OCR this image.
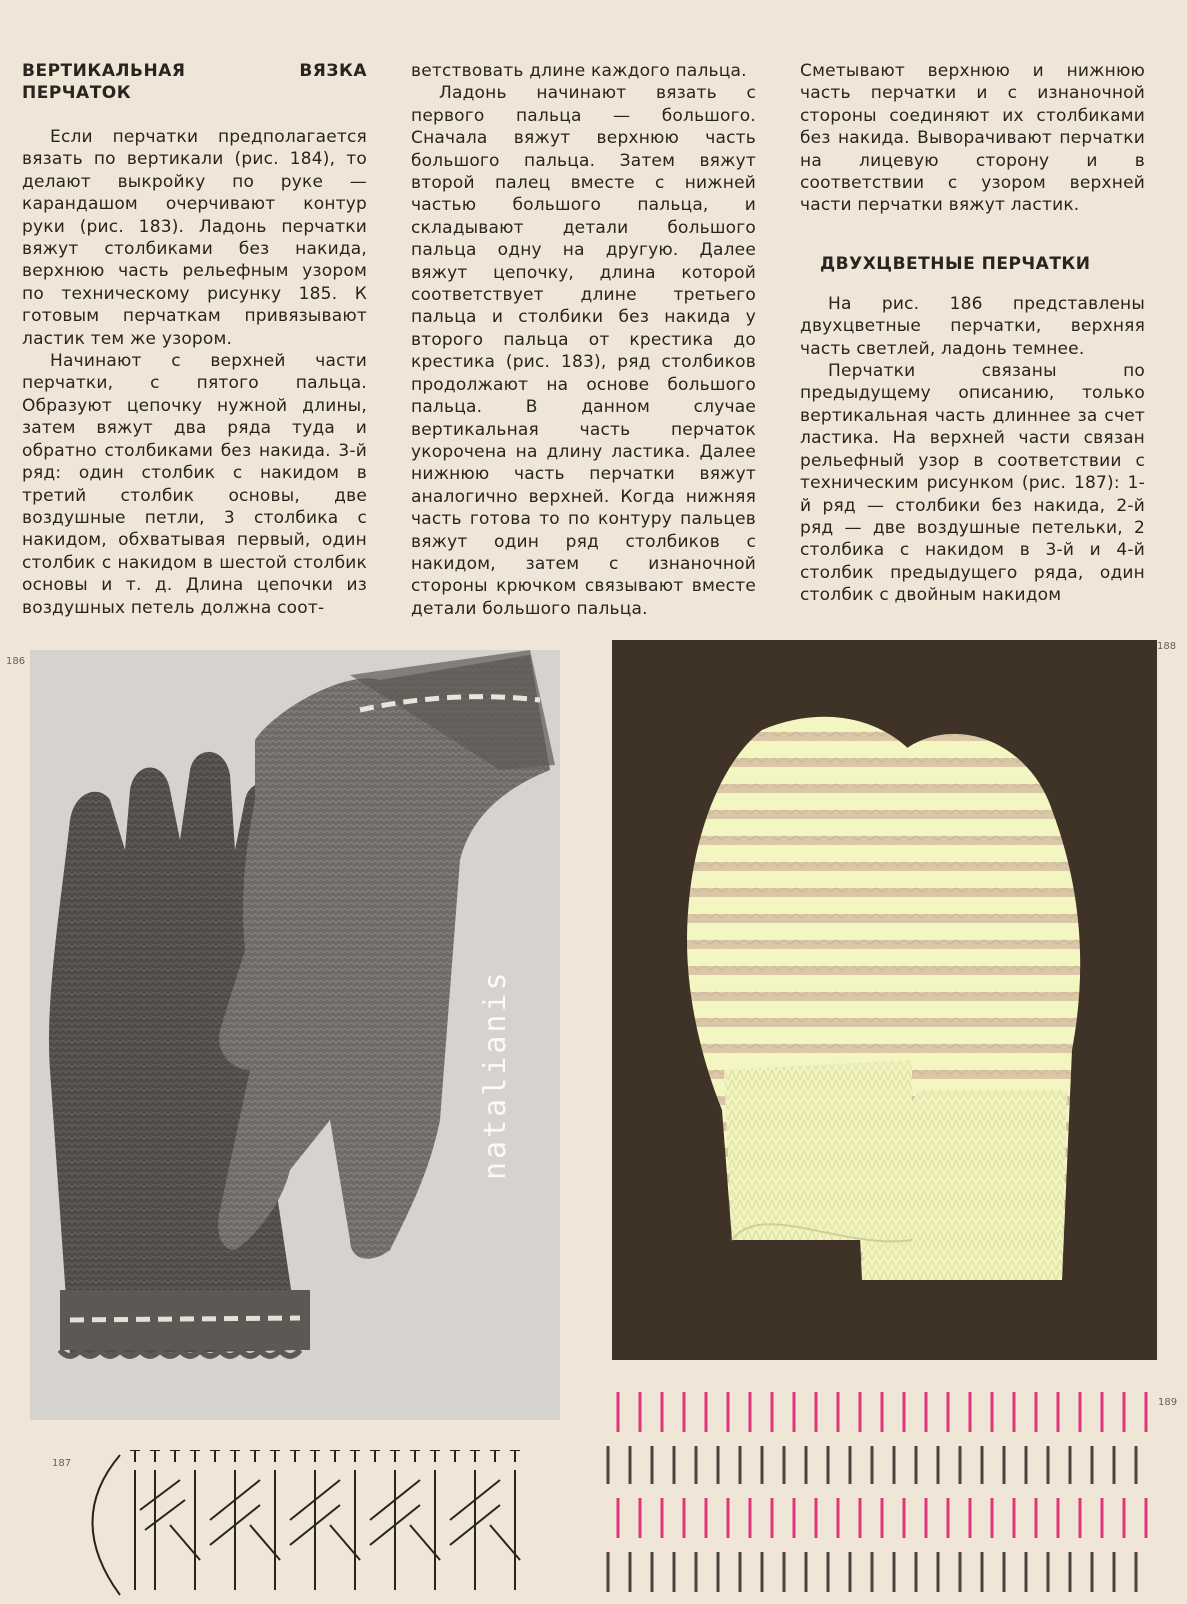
ВЕРТИКАЛЬНАЯ ВЯЗКА ПЕРЧАТОК

Если перчатки предполагается вязать по вертикали (рис. 184), то делают выкройку по руке — карандашом очерчивают контур руки (рис. 183). Ладонь перчатки вяжут столбиками без накида, верхнюю часть рельефным узором по техническому рисунку 185. К готовым перчаткам привязывают ластик тем же узором.

Начинают с верхней части перчатки, с пятого пальца. Образуют цепочку нужной длины, затем вяжут два ряда туда и обратно столбиками без накида. 3-й ряд: один столбик с накидом в третий столбик основы, две воздушные петли, 3 столбика с накидом, обхватывая первый, один столбик с накидом в шестой столбик основы и т. д. Длина цепочки из воздушных петель должна соот-

ветствовать длине каждого пальца.

Ладонь начинают вязать с первого пальца — большого. Сначала вяжут верхнюю часть большого пальца. Затем вяжут второй палец вместе с нижней частью большого пальца, и складывают детали большого пальца одну на другую. Далее вяжут цепочку, длина которой соответствует длине третьего пальца и столбики без накида у второго пальца от крестика до крестика (рис. 183), ряд столбиков продолжают на основе большого пальца. В данном случае вертикальная часть перчаток укорочена на длину ластика. Далее нижнюю часть перчатки вяжут аналогично верхней. Когда нижняя часть готова то по контуру пальцев вяжут один ряд столбиков с накидом, затем с изнаночной стороны крючком связывают вместе детали большого пальца.

Сметывают верхнюю и нижнюю часть перчатки и с изнаночной стороны соединяют их столбиками без накида. Выворачивают перчатки на лицевую сторону и в соответствии с узором верхней части перчатки вяжут ластик.

ДВУХЦВЕТНЫЕ ПЕРЧАТКИ

На рис. 186 представлены двухцветные перчатки, верхняя часть светлей, ладонь темнее.

Перчатки связаны по предыдущему описанию, только вертикальная часть длиннее за счет ластика. На верхней части связан рельефный узор в соответствии с техническим рисунком (рис. 187): 1-й ряд — столбики без накида, 2-й ряд — две воздушные петельки, 2 столбика с накидом в 3-й и 4-й столбик предыдущего ряда, один столбик с двойным накидом

186
188
187
189
natalianis
